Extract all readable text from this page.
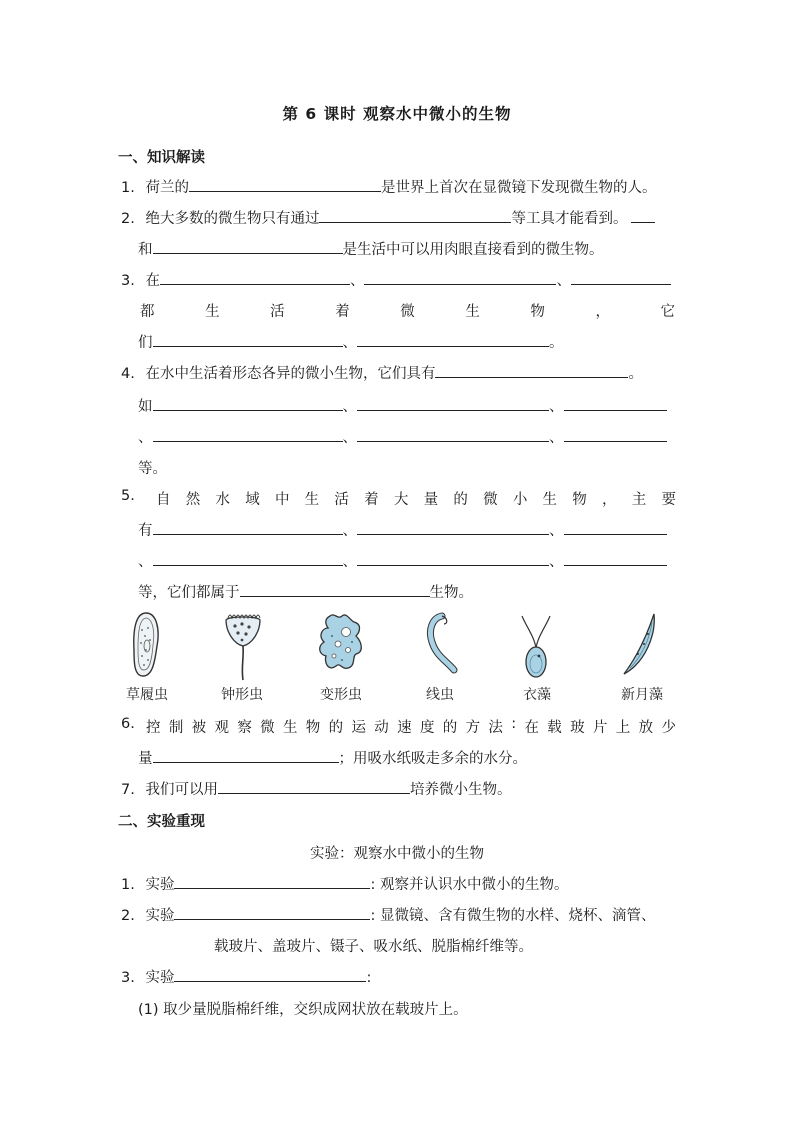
第 6 课时 观察水中微小的生物
一、知识解读
1. 荷兰的	是世界上首次在显微镜下发现微生物的人。
2. 绝大多数的微生物只有通过	等工具才能看到。
和	是生活中可以用肉眼直接看到的微生物。
3. 在	、	、
都	生	活	着	微	生	物	，	它
们	、	。
4. 在水中生活着形态各异的微小生物，它们具有	。
如	、	、
、	、	、
等。
5. 自 然 水 域 中 生 活 着 大 量 的 微 小 生 物 ， 主 要
有	、	、
、	、	、
等，它们都属于	生物。
草履虫	钟形虫	变形虫	线虫	衣藻	新月藻
6. 控 制 被 观 察 微 生 物 的 运 动 速 度 的 方 法 : 在 载 玻 片 上 放 少
量	；用吸水纸吸走多余的水分。
7. 我们可以用	培养微小生物。
二、实验重现
实验：观察水中微小的生物
1. 实验	: 观察并认识水中微小的生物。
2. 实验	: 显微镜、含有微生物的水样、烧杯、滴管、
载玻片、盖玻片、镊子、吸水纸、脱脂棉纤维等。
3. 实验	:
(1) 取少量脱脂棉纤维，交织成网状放在载玻片上。
